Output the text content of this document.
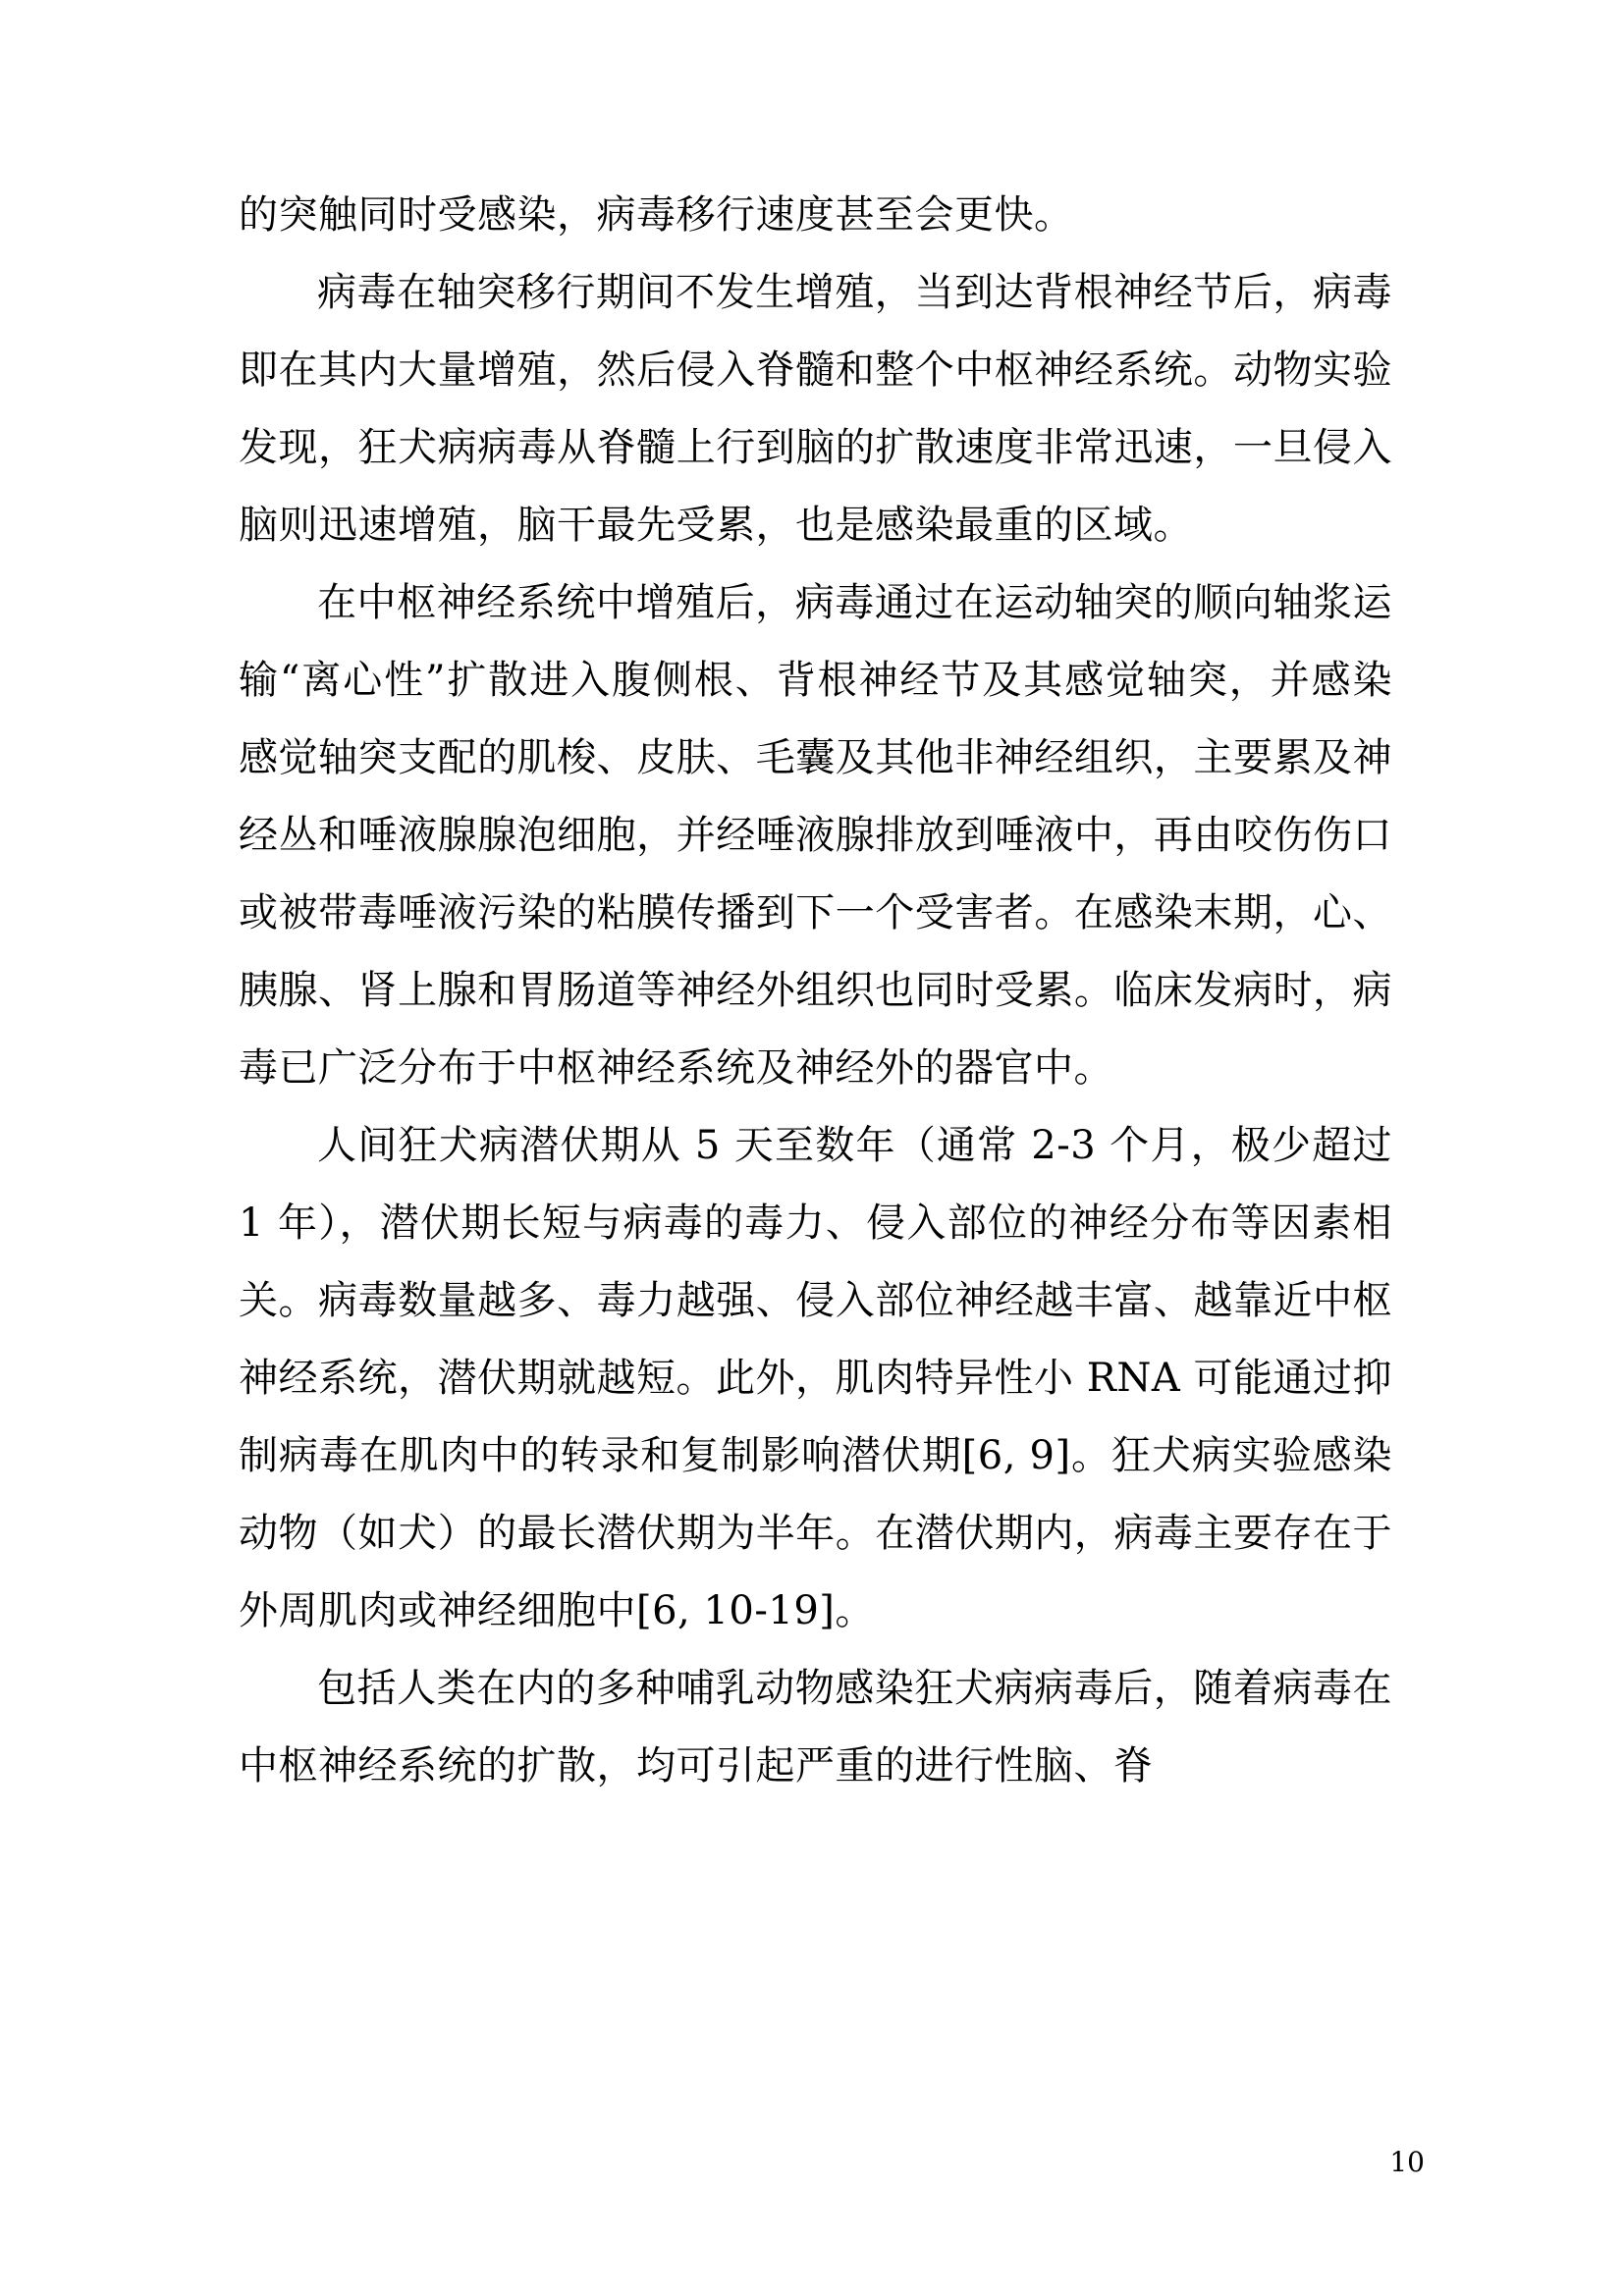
的突触同时受感染，病毒移行速度甚至会更快。

病毒在轴突移行期间不发生增殖，当到达背根神经节后，病毒即在其内大量增殖，然后侵入脊髓和整个中枢神经系统。动物实验发现，狂犬病病毒从脊髓上行到脑的扩散速度非常迅速，一旦侵入脑则迅速增殖，脑干最先受累，也是感染最重的区域。

在中枢神经系统中增殖后，病毒通过在运动轴突的顺向轴浆运输“离心性”扩散进入腹侧根、背根神经节及其感觉轴突，并感染感觉轴突支配的肌梭、皮肤、毛囊及其他非神经组织，主要累及神经丛和唾液腺腺泡细胞，并经唾液腺排放到唾液中，再由咬伤伤口或被带毒唾液污染的粘膜传播到下一个受害者。在感染末期，心、胰腺、肾上腺和胃肠道等神经外组织也同时受累。临床发病时，病毒已广泛分布于中枢神经系统及神经外的器官中。

人间狂犬病潜伏期从 5 天至数年（通常 2-3 个月，极少超过 1 年），潜伏期长短与病毒的毒力、侵入部位的神经分布等因素相关。病毒数量越多、毒力越强、侵入部位神经越丰富、越靠近中枢神经系统，潜伏期就越短。此外，肌肉特异性小 RNA 可能通过抑制病毒在肌肉中的转录和复制影响潜伏期[6, 9]。狂犬病实验感染动物（如犬）的最长潜伏期为半年。在潜伏期内，病毒主要存在于外周肌肉或神经细胞中[6, 10-19]。

包括人类在内的多种哺乳动物感染狂犬病病毒后，随着病毒在中枢神经系统的扩散，均可引起严重的进行性脑、脊

10
